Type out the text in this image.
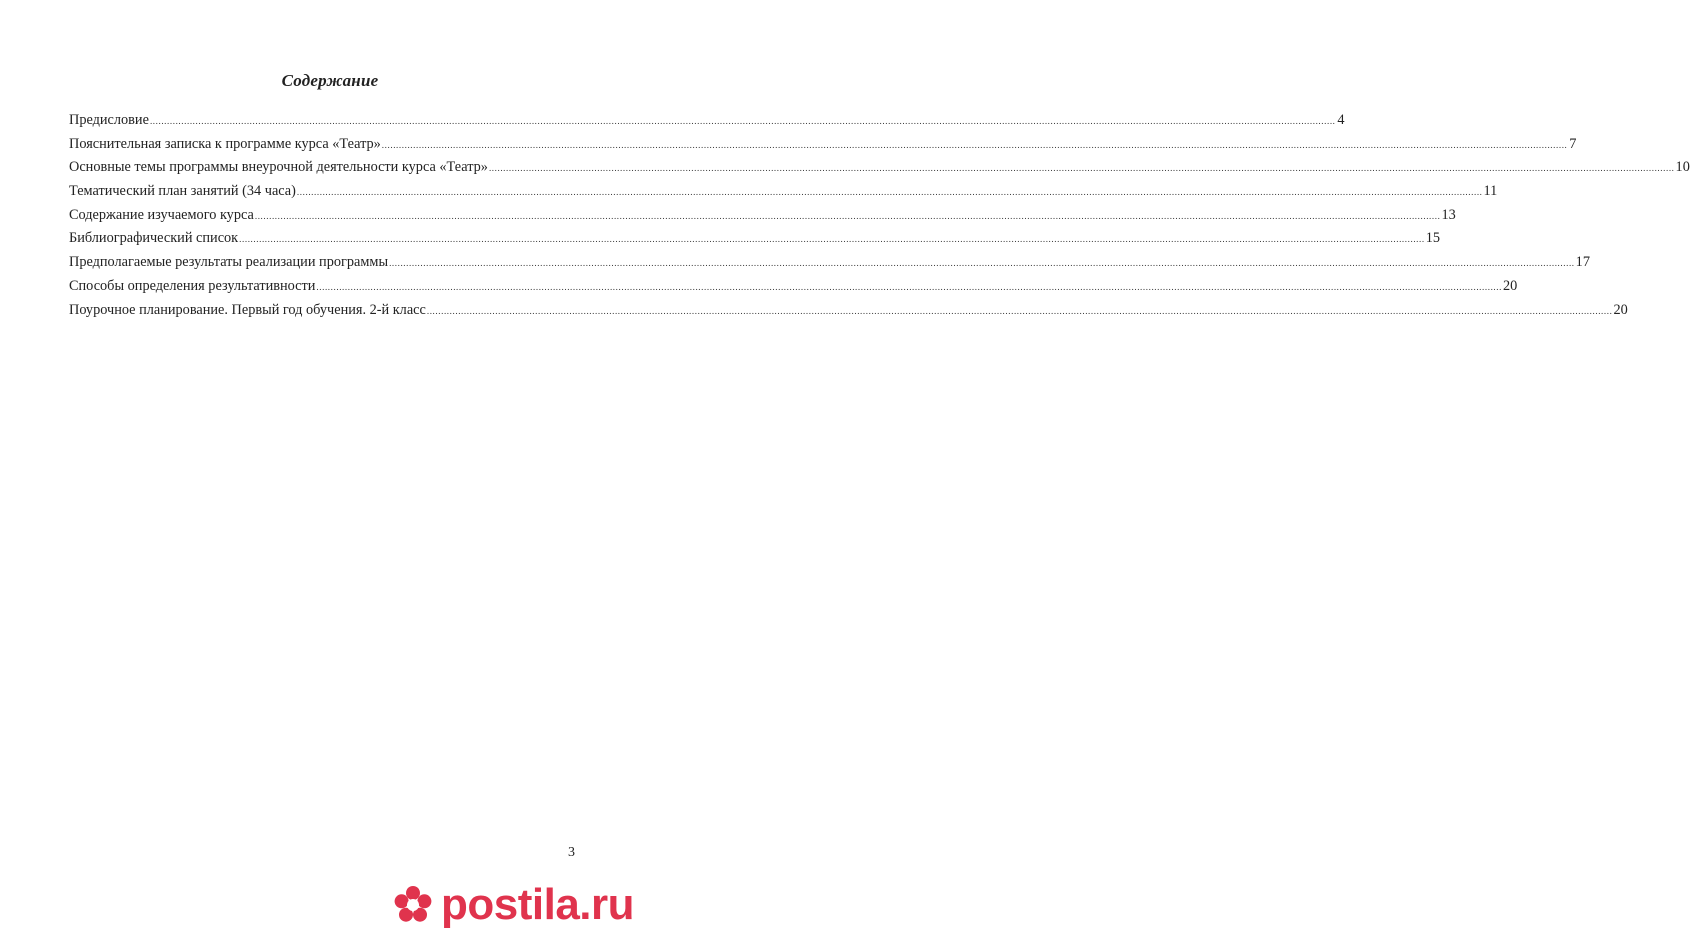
Содержание
Предисловие ................................................................................................................................................................................................................................................................................................................................................................................................................................ 4
Пояснительная записка к программе курса «Театр» ................................................................................................................................................................................................................................................................................................................................................................................................................................ 7
Основные темы программы внеурочной деятельности курса «Театр» ................................................................................................................................................................................................................................................................................................................................................................................................................................ 10
Тематический план занятий (34 часа) ................................................................................................................................................................................................................................................................................................................................................................................................................................ 11
Содержание изучаемого курса ................................................................................................................................................................................................................................................................................................................................................................................................................................ 13
Библиографический список ................................................................................................................................................................................................................................................................................................................................................................................................................................ 15
Предполагаемые результаты реализации программы ................................................................................................................................................................................................................................................................................................................................................................................................................................ 17
Способы определения результативности ................................................................................................................................................................................................................................................................................................................................................................................................................................ 20
Поурочное планирование. Первый год обучения. 2-й класс ................................................................................................................................................................................................................................................................................................................................................................................................................................ 20
3
postila.ru
